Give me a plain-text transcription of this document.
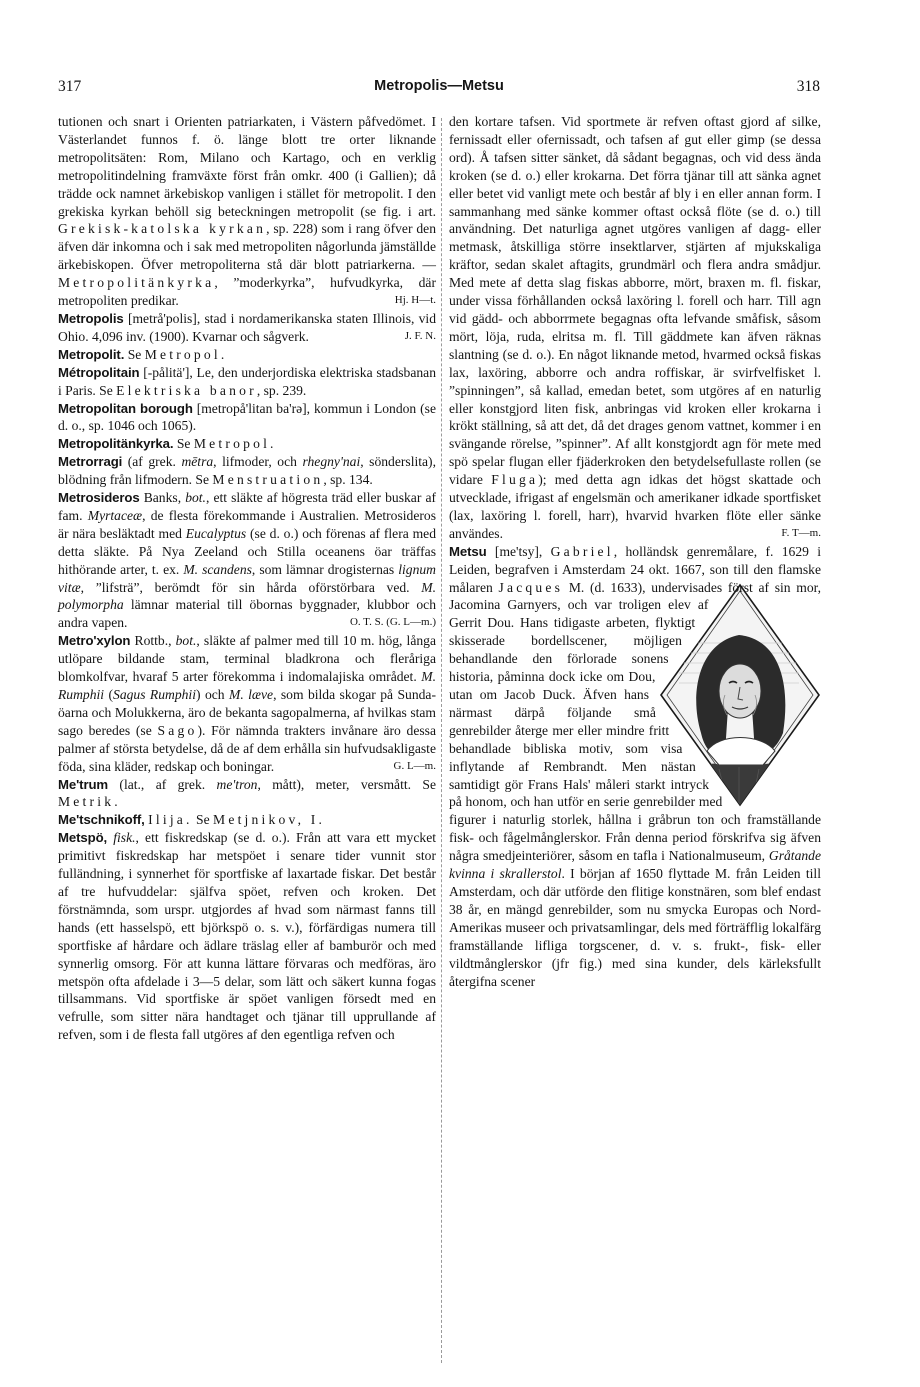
317	Metropolis—Metsu	318

tutionen och snart i Orienten patriarkaten, i Västern påfvedömet. I Västerlandet funnos f. ö. länge blott tre orter liknande metropolitsäten: Rom, Milano och Kartago, och en verklig metropolitindelning framväxte först från omkr. 400 (i Gallien); då trädde ock namnet ärkebiskop vanligen i stället för metropolit. I den grekiska kyrkan behöll sig beteckningen metropolit (se fig. i art. Grekisk-katolska kyrkan, sp. 228) som i rang öfver den äfven där inkomna och i sak med metropoliten någorlunda jämställde ärkebiskopen. Öfver metropoliterna stå där blott patriarkerna. — Metropolitänkyrka, ”moderkyrka”, hufvudkyrka, där metropoliten predikar.	Hj. H—t.

Metropolis [metrå'polis], stad i nordamerikanska staten Illinois, vid Ohio. 4,096 inv. (1900). Kvarnar och sågverk.	J. F. N.

Metropolit. Se Metropol.

Métropolitain [-pålitä'], Le, den underjordiska elektriska stadsbanan i Paris. Se Elektriska banor, sp. 239.

Metropolitan borough [metropå'litan ba'rə], kommun i London (se d. o., sp. 1046 och 1065).

Metropolitänkyrka. Se Metropol.

Metrorragi (af grek. mētra, lifmoder, och rhegny'nai, sönderslita), blödning från lifmodern. Se Menstruation, sp. 134.

Metrosideros Banks, bot., ett släkte af högresta träd eller buskar af fam. Myrtaceæ, de flesta förekommande i Australien. Metrosideros är nära besläktadt med Eucalyptus (se d. o.) och förenas af flera med detta släkte. På Nya Zeeland och Stilla oceanens öar träffas hithörande arter, t. ex. M. scandens, som lämnar drogisternas lignum vitæ, ”lifsträ”, berömdt för sin hårda oförstörbara ved. M. polymorpha lämnar material till öbornas byggnader, klubbor och andra vapen.	O. T. S. (G. L—m.)

Metro'xylon Rottb., bot., släkte af palmer med till 10 m. hög, långa utlöpare bildande stam, terminal bladkrona och fleråriga blomkolfvar, hvaraf 5 arter förekomma i indomalajiska området. M. Rumphii (Sagus Rumphii) och M. læve, som bilda skogar på Sunda-öarna och Molukkerna, äro de bekanta sagopalmerna, af hvilkas stam sago beredes (se Sago). För nämnda trakters invånare äro dessa palmer af största betydelse, då de af dem erhålla sin hufvudsakligaste föda, sina kläder, redskap och boningar.	G. L—m.

Me'trum (lat., af grek. me'tron, mått), meter, versmått. Se Metrik.

Me'tschnikoff, Ilija. Se Metjnikov, I.

Metspö, fisk., ett fiskredskap (se d. o.). Från att vara ett mycket primitivt fiskredskap har metspöet i senare tider vunnit stor fulländning, i synnerhet för sportfiske af laxartade fiskar. Det består af tre hufvuddelar: själfva spöet, refven och kroken. Det förstnämnda, som urspr. utgjordes af hvad som närmast fanns till hands (ett hasselspö, ett björkspö o. s. v.), förfärdigas numera till sportfiske af hårdare och ädlare träslag eller af bamburör och med synnerlig omsorg. För att kunna lättare förvaras och medföras, äro metspön ofta afdelade i 3—5 delar, som lätt och säkert kunna fogas tillsammans. Vid sportfiske är spöet vanligen försedt med en vefrulle, som sitter nära handtaget och tjänar till upprullande af refven, som i de flesta fall utgöres af den egentliga refven och

den kortare tafsen. Vid sportmete är refven oftast gjord af silke, fernissadt eller ofernissadt, och tafsen af gut eller gimp (se dessa ord). Å tafsen sitter sänket, då sådant begagnas, och vid dess ända kroken (se d. o.) eller krokarna. Det förra tjänar till att sänka agnet eller betet vid vanligt mete och består af bly i en eller annan form. I sammanhang med sänke kommer oftast också flöte (se d. o.) till användning. Det naturliga agnet utgöres vanligen af dagg- eller metmask, åtskilliga större insektlarver, stjärten af mjukskaliga kräftor, sedan skalet aftagits, grundmärl och flera andra smådjur. Med mete af detta slag fiskas abborre, mört, braxen m. fl. fiskar, under vissa förhållanden också laxöring l. forell och harr. Till agn vid gädd- och abborrmete begagnas ofta lefvande småfisk, såsom mört, löja, ruda, elritsa m. fl. Till gäddmete kan äfven räknas slantning (se d. o.). En något liknande metod, hvarmed också fiskas lax, laxöring, abborre och andra roffiskar, är svirfvelfisket l. ”spinningen”, så kallad, emedan betet, som utgöres af en naturlig eller konstgjord liten fisk, anbringas vid kroken eller krokarna i krökt ställning, så att det, då det drages genom vattnet, kommer i en svängande rörelse, ”spinner”. Af allt konstgjordt agn för mete med spö spelar flugan eller fjäderkroken den betydelsefullaste rollen (se vidare Fluga); med detta agn idkas det högst skattade och utvecklade, ifrigast af engelsmän och amerikaner idkade sportfisket (lax, laxöring l. forell, harr), hvarvid hvarken flöte eller sänke användes.	F. T—m.

Metsu [me'tsy], Gabriel, holländsk genremålare, f. 1629 i Leiden, begrafven i Amsterdam 24 okt. 1667, son till den flamske målaren Jacques M. (d. 1633), undervisades först af sin mor, Jacomina Garnyers, och var troligen elev af Gerrit Dou. Hans tidigaste arbeten, flyktigt skisserade bordellscener, möjligen behandlande den förlorade sonens historia, påminna dock icke om Dou, utan om Jacob Duck. Äfven hans närmast därpå följande små genrebilder återge mer eller mindre fritt behandlade bibliska motiv, som visa inflytande af Rembrandt. Men nästan samtidigt gör Frans Hals' måleri starkt intryck på honom, och han utför en serie genrebilder med figurer i naturlig storlek, hållna i gråbrun ton och framställande fisk- och fågelmånglerskor. Från denna period förskrifva sig äfven några smedjeinteriörer, såsom en tafla i Nationalmuseum, Gråtande kvinna i skrallerstol. I början af 1650 flyttade M. från Leiden till Amsterdam, och där utförde den flitige konstnären, som blef endast 38 år, en mängd genrebilder, som nu smycka Europas och Nord-Amerikas museer och privatsamlingar, dels med förträfflig lokalfärg framställande lifliga torgscener, d. v. s. frukt-, fisk- eller vildtmånglerskor (jfr fig.) med sina kunder, dels kärleksfullt återgifna scener
